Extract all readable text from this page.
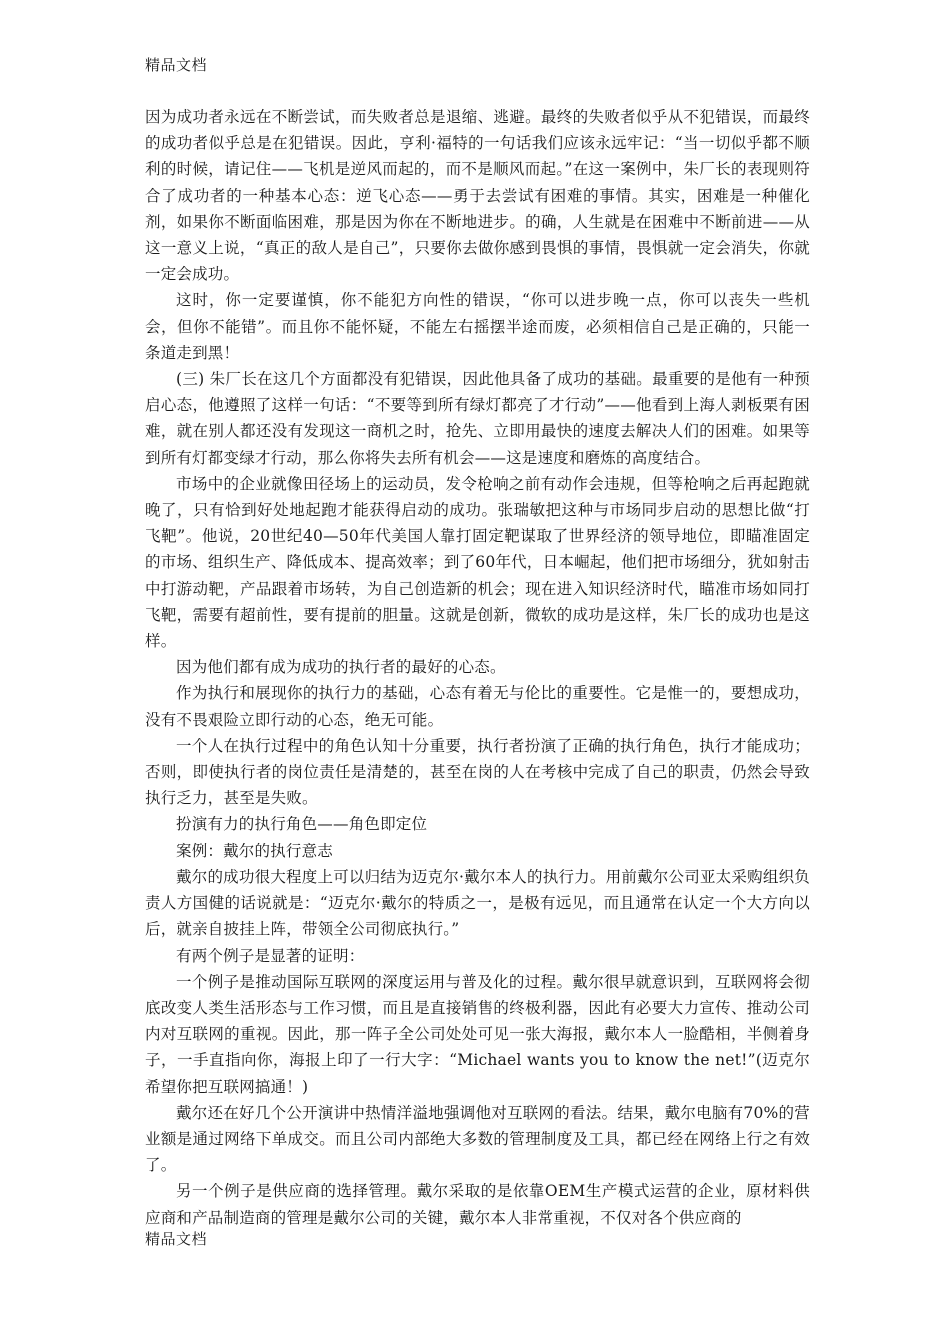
精品文档

因为成功者永远在不断尝试，而失败者总是退缩、逃避。最终的失败者似乎从不犯错误，而最终的成功者似乎总是在犯错误。因此，亨利·福特的一句话我们应该永远牢记：“当一切似乎都不顺利的时候，请记住——飞机是逆风而起的，而不是顺风而起。”在这一案例中，朱厂长的表现则符合了成功者的一种基本心态：逆飞心态——勇于去尝试有困难的事情。其实，困难是一种催化剂，如果你不断面临困难，那是因为你在不断地进步。的确，人生就是在困难中不断前进——从这一意义上说，“真正的敌人是自己”，只要你去做你感到畏惧的事情，畏惧就一定会消失，你就一定会成功。

这时，你一定要谨慎，你不能犯方向性的错误，“你可以进步晚一点，你可以丧失一些机会，但你不能错”。而且你不能怀疑，不能左右摇摆半途而废，必须相信自己是正确的，只能一条道走到黑！

(三) 朱厂长在这几个方面都没有犯错误，因此他具备了成功的基础。最重要的是他有一种预启心态，他遵照了这样一句话：“不要等到所有绿灯都亮了才行动”——他看到上海人剥板栗有困难，就在别人都还没有发现这一商机之时，抢先、立即用最快的速度去解决人们的困难。如果等到所有灯都变绿才行动，那么你将失去所有机会——这是速度和磨炼的高度结合。

市场中的企业就像田径场上的运动员，发令枪响之前有动作会违规，但等枪响之后再起跑就晚了，只有恰到好处地起跑才能获得启动的成功。张瑞敏把这种与市场同步启动的思想比做“打飞靶”。他说，20世纪40—50年代美国人靠打固定靶谋取了世界经济的领导地位，即瞄准固定的市场、组织生产、降低成本、提高效率；到了60年代，日本崛起，他们把市场细分，犹如射击中打游动靶，产品跟着市场转，为自己创造新的机会；现在进入知识经济时代，瞄准市场如同打飞靶，需要有超前性，要有提前的胆量。这就是创新，微软的成功是这样，朱厂长的成功也是这样。

因为他们都有成为成功的执行者的最好的心态。

作为执行和展现你的执行力的基础，心态有着无与伦比的重要性。它是惟一的，要想成功，没有不畏艰险立即行动的心态，绝无可能。

一个人在执行过程中的角色认知十分重要，执行者扮演了正确的执行角色，执行才能成功；否则，即使执行者的岗位责任是清楚的，甚至在岗的人在考核中完成了自己的职责，仍然会导致执行乏力，甚至是失败。

扮演有力的执行角色——角色即定位

案例：戴尔的执行意志

戴尔的成功很大程度上可以归结为迈克尔·戴尔本人的执行力。用前戴尔公司亚太采购组织负责人方国健的话说就是：“迈克尔·戴尔的特质之一，是极有远见，而且通常在认定一个大方向以后，就亲自披挂上阵，带领全公司彻底执行。”

有两个例子是显著的证明：

一个例子是推动国际互联网的深度运用与普及化的过程。戴尔很早就意识到，互联网将会彻底改变人类生活形态与工作习惯，而且是直接销售的终极利器，因此有必要大力宣传、推动公司内对互联网的重视。因此，那一阵子全公司处处可见一张大海报，戴尔本人一脸酷相，半侧着身子，一手直指向你，海报上印了一行大字：“Michael wants you to know the net!”(迈克尔希望你把互联网搞通！)

戴尔还在好几个公开演讲中热情洋溢地强调他对互联网的看法。结果，戴尔电脑有70%的营业额是通过网络下单成交。而且公司内部绝大多数的管理制度及工具，都已经在网络上行之有效了。

另一个例子是供应商的选择管理。戴尔采取的是依靠OEM生产模式运营的企业，原材料供应商和产品制造商的管理是戴尔公司的关键，戴尔本人非常重视，不仅对各个供应商的

精品文档
